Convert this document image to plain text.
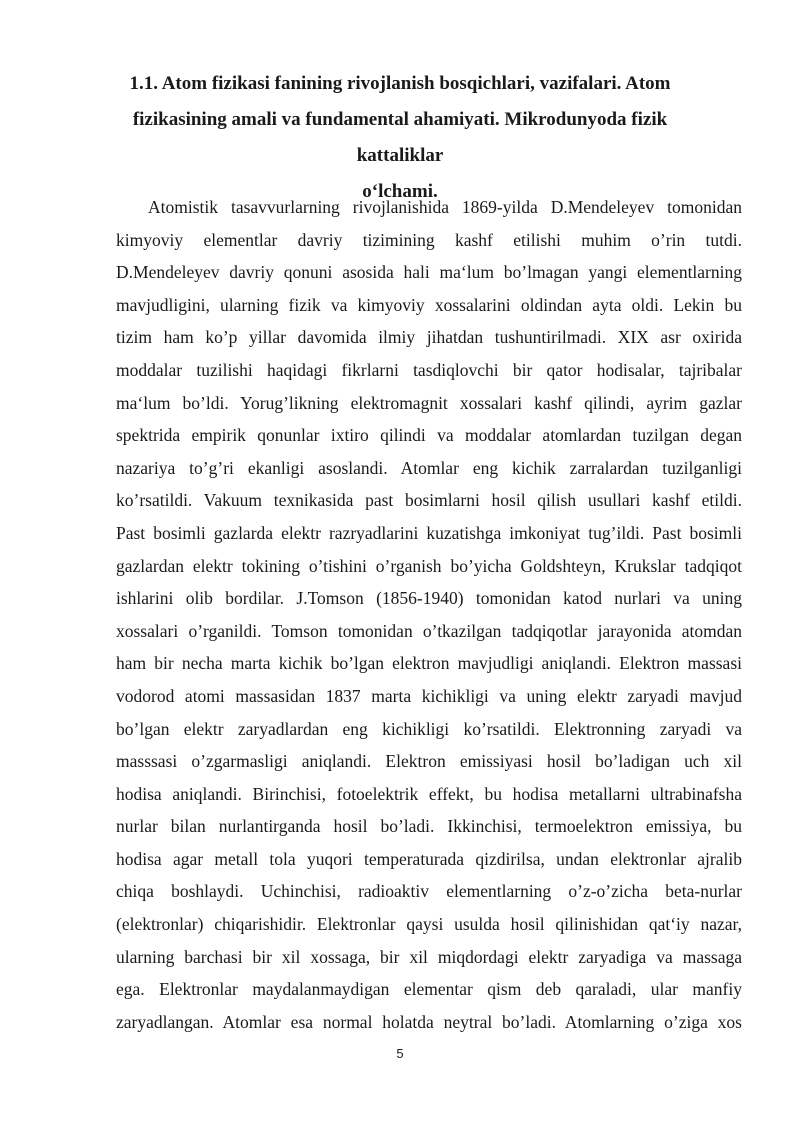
1.1. Atom fizikasi fanining rivojlanish bosqichlari, vazifalari. Atom
fizikasining amali va fundamental ahamiyati. Mikrodunyoda fizik kattaliklar
o‘lchami.
Atomistik tasavvurlarning rivojlanishida 1869-yilda D.Mendeleyev tomonidan
kimyoviy elementlar davriy tizimining kashf etilishi muhim o’rin tutdi.
D.Mendeleyev davriy qonuni asosida hali ma‘lum bo’lmagan yangi elementlarning
mavjudligini, ularning fizik va kimyoviy xossalarini oldindan ayta oldi. Lekin bu
tizim ham ko’p yillar davomida ilmiy jihatdan tushuntirilmadi. XIX asr oxirida
moddalar tuzilishi haqidagi fikrlarni tasdiqlovchi bir qator hodisalar, tajribalar
ma‘lum bo’ldi. Yorug’likning elektromagnit xossalari kashf qilindi, ayrim gazlar
spektrida empirik qonunlar ixtiro qilindi va moddalar atomlardan tuzilgan degan
nazariya to’g’ri ekanligi asoslandi. Atomlar eng kichik zarralardan tuzilganligi
ko’rsatildi. Vakuum texnikasida past bosimlarni hosil qilish usullari kashf etildi.
Past bosimli gazlarda elektr razryadlarini kuzatishga imkoniyat tug’ildi. Past bosimli
gazlardan elektr tokining o’tishini o’rganish bo’yicha Goldshteyn, Krukslar tadqiqot
ishlarini olib bordilar. J.Tomson (1856-1940) tomonidan katod nurlari va uning
xossalari o’rganildi. Tomson tomonidan o’tkazilgan tadqiqotlar jarayonida atomdan
ham bir necha marta kichik bo’lgan elektron mavjudligi aniqlandi. Elektron massasi
vodorod atomi massasidan 1837 marta kichikligi va uning elektr zaryadi mavjud
bo’lgan elektr zaryadlardan eng kichikligi ko’rsatildi. Elektronning zaryadi va
masssasi o’zgarmasligi aniqlandi. Elektron emissiyasi hosil bo’ladigan uch xil
hodisa aniqlandi. Birinchisi, fotoelektrik effekt, bu hodisa metallarni ultrabinafsha
nurlar bilan nurlantirganda hosil bo’ladi. Ikkinchisi, termoelektron emissiya, bu
hodisa agar metall tola yuqori temperaturada qizdirilsa, undan elektronlar ajralib
chiqa boshlaydi. Uchinchisi, radioaktiv elementlarning o’z-o’zicha beta-nurlar
(elektronlar) chiqarishidir. Elektronlar qaysi usulda hosil qilinishidan qat‘iy nazar,
ularning barchasi bir xil xossaga, bir xil miqdordagi elektr zaryadiga va massaga
ega. Elektronlar maydalanmaydigan elementar qism deb qaraladi, ular manfiy
zaryadlangan. Atomlar esa normal holatda neytral bo’ladi. Atomlarning o’ziga xos
5
